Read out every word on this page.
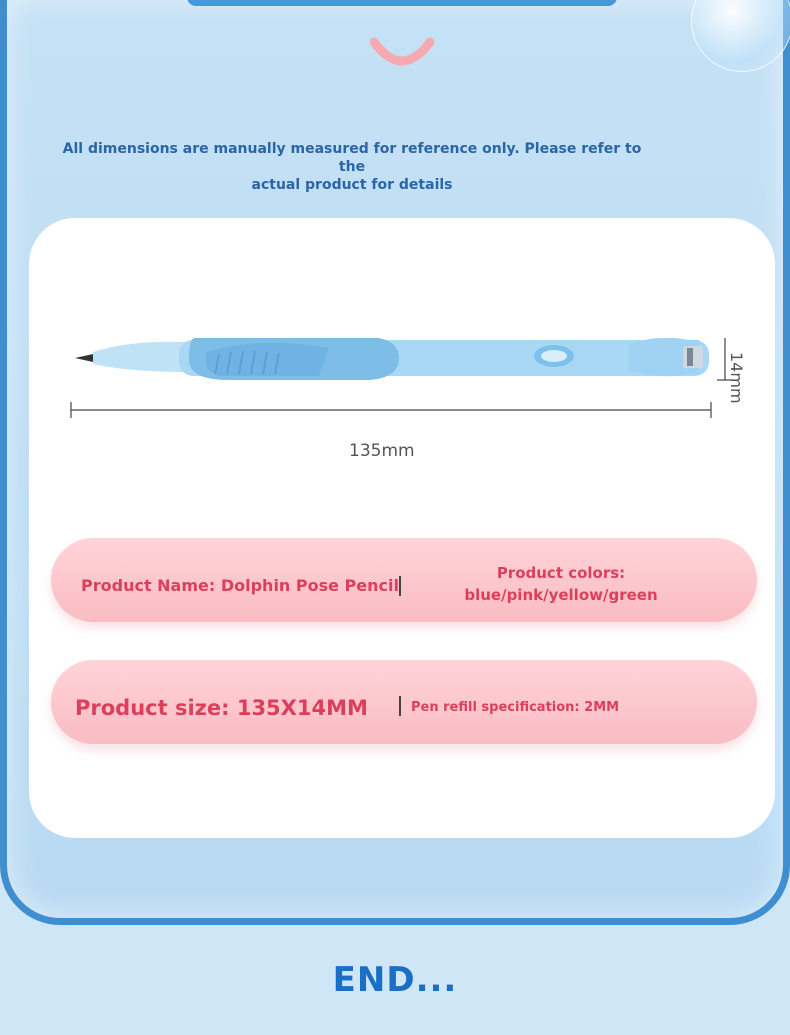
All dimensions are manually measured for reference only. Please refer to the
actual product for details
135mm
14mm
Product Name: Dolphin Pose Pencil
Product colors:
blue/pink/yellow/green
Product size: 135X14MM	Pen refill specification: 2MM
END...
